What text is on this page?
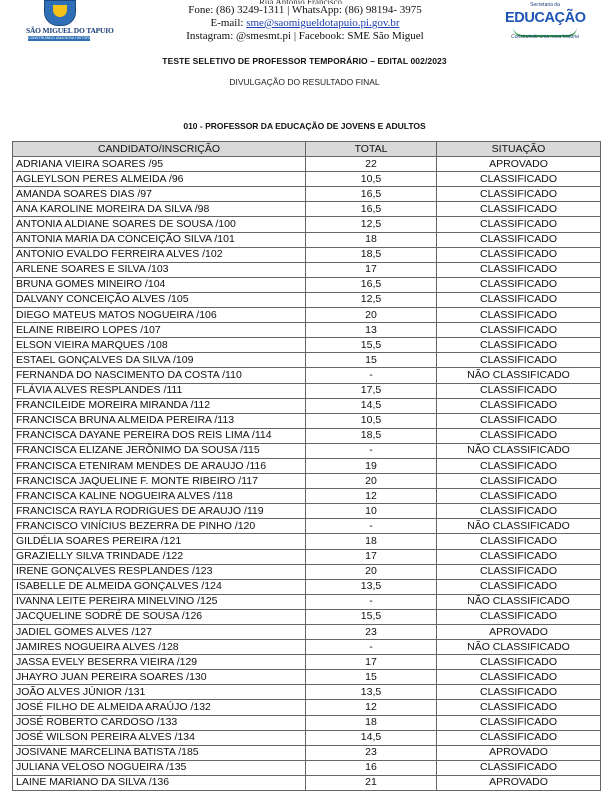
SÃO MIGUEL DO TAPUIO
CONSTRUINDO UMA NOVA HISTÓRIA
Fone: (86) 3249-1311 | WhatsApp: (86) 98194- 3975
E-mail: sme@saomigueldotapuio.pi.gov.br
Instagram: @smesmt.pi | Facebook: SME São Miguel
Secretaria da
EDUCAÇÃO
Construindo uma nova história
TESTE SELETIVO DE PROFESSOR TEMPORÁRIO – EDITAL 002/2023
DIVULGAÇÃO DO RESULTADO FINAL
010 - PROFESSOR DA EDUCAÇÃO DE JOVENS E ADULTOS
CANDIDATO/INSCRIÇÃO	TOTAL	SITUAÇÃO
ADRIANA VIEIRA SOARES /95	22	APROVADO
AGLEYLSON PERES ALMEIDA /96	10,5	CLASSIFICADO
AMANDA SOARES DIAS /97	16,5	CLASSIFICADO
ANA KAROLINE MOREIRA DA SILVA /98	16,5	CLASSIFICADO
ANTONIA ALDIANE SOARES DE SOUSA /100	12,5	CLASSIFICADO
ANTONIA MARIA DA CONCEIÇÃO SILVA /101	18	CLASSIFICADO
ANTONIO EVALDO FERREIRA ALVES /102	18,5	CLASSIFICADO
ARLENE SOARES E SILVA /103	17	CLASSIFICADO
BRUNA GOMES MINEIRO /104	16,5	CLASSIFICADO
DALVANY CONCEIÇÃO ALVES /105	12,5	CLASSIFICADO
DIEGO MATEUS MATOS NOGUEIRA /106	20	CLASSIFICADO
ELAINE RIBEIRO LOPES /107	13	CLASSIFICADO
ELSON VIEIRA MARQUES /108	15,5	CLASSIFICADO
ESTAEL GONÇALVES DA SILVA /109	15	CLASSIFICADO
FERNANDA DO NASCIMENTO DA COSTA /110	-	NÃO CLASSIFICADO
FLÁVIA ALVES RESPLANDES /111	17,5	CLASSIFICADO
FRANCILEIDE MOREIRA MIRANDA /112	14,5	CLASSIFICADO
FRANCISCA BRUNA ALMEIDA PEREIRA /113	10,5	CLASSIFICADO
FRANCISCA DAYANE PEREIRA DOS REIS LIMA /114	18,5	CLASSIFICADO
FRANCISCA ELIZANE JERÔNIMO DA SOUSA /115	-	NÃO CLASSIFICADO
FRANCISCA ETENIRAM MENDES DE ARAUJO /116	19	CLASSIFICADO
FRANCISCA JAQUELINE F. MONTE RIBEIRO /117	20	CLASSIFICADO
FRANCISCA KALINE NOGUEIRA ALVES /118	12	CLASSIFICADO
FRANCISCA RAYLA RODRIGUES DE ARAUJO /119	10	CLASSIFICADO
FRANCISCO VINÍCIUS BEZERRA DE PINHO /120	-	NÃO CLASSIFICADO
GILDÉLIA SOARES PEREIRA /121	18	CLASSIFICADO
GRAZIELLY SILVA TRINDADE /122	17	CLASSIFICADO
IRENE GONÇALVES RESPLANDES /123	20	CLASSIFICADO
ISABELLE DE ALMEIDA GONÇALVES /124	13,5	CLASSIFICADO
IVANNA LEITE PEREIRA MINELVINO /125	-	NÃO CLASSIFICADO
JACQUELINE SODRÉ DE SOUSA /126	15,5	CLASSIFICADO
JADIEL GOMES ALVES /127	23	APROVADO
JAMIRES NOGUEIRA ALVES /128	-	NÃO CLASSIFICADO
JASSA EVELY BESERRA VIEIRA /129	17	CLASSIFICADO
JHAYRO JUAN PEREIRA SOARES /130	15	CLASSIFICADO
JOÃO ALVES JÚNIOR /131	13,5	CLASSIFICADO
JOSÉ FILHO DE ALMEIDA ARAÚJO /132	12	CLASSIFICADO
JOSÉ ROBERTO CARDOSO /133	18	CLASSIFICADO
JOSÉ WILSON PEREIRA ALVES /134	14,5	CLASSIFICADO
JOSIVANE MARCELINA BATISTA /185	23	APROVADO
JULIANA VELOSO NOGUEIRA /135	16	CLASSIFICADO
LAINE MARIANO DA SILVA /136	21	APROVADO
